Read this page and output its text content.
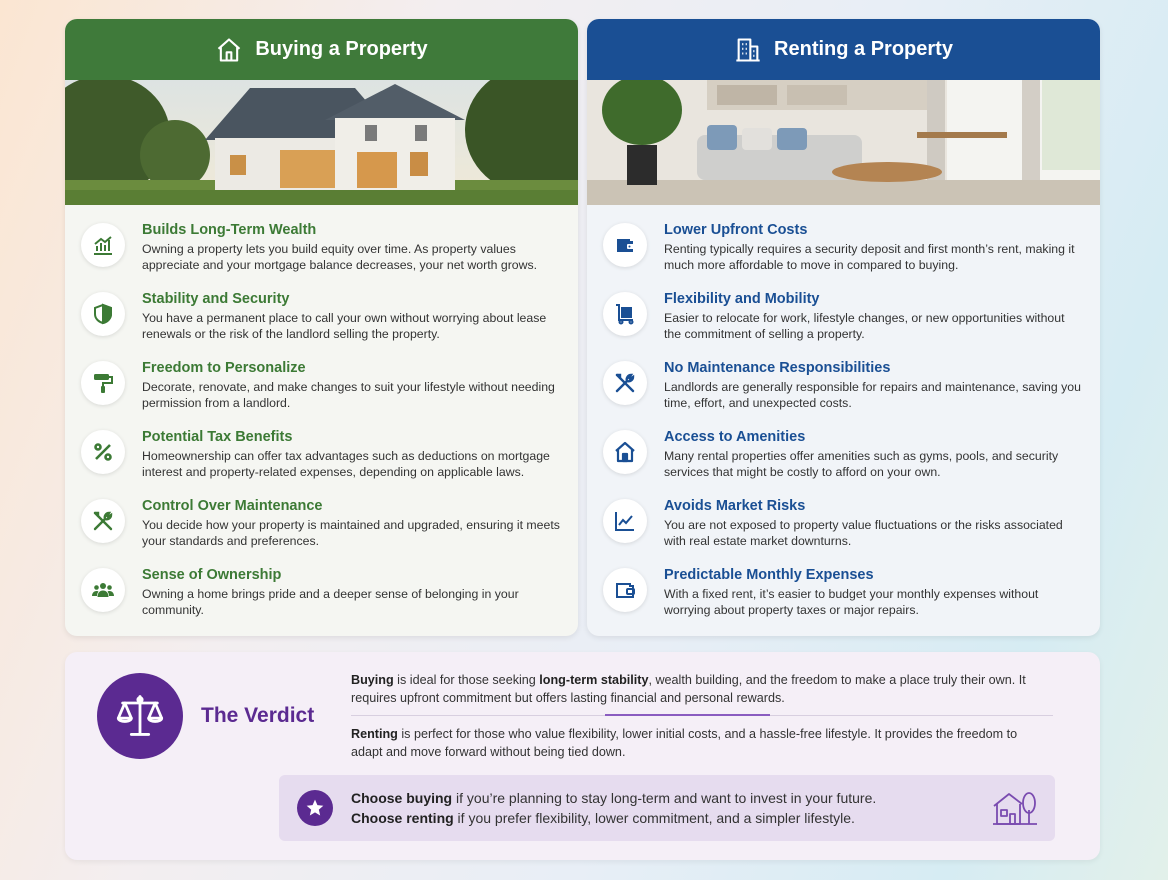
Buying a Property
Builds Long-Term Wealth
Owning a property lets you build equity over time. As property values appreciate and your mortgage balance decreases, your net worth grows.
Stability and Security
You have a permanent place to call your own without worrying about lease renewals or the risk of the landlord selling the property.
Freedom to Personalize
Decorate, renovate, and make changes to suit your lifestyle without needing permission from a landlord.
Potential Tax Benefits
Homeownership can offer tax advantages such as deductions on mortgage interest and property-related expenses, depending on applicable laws.
Control Over Maintenance
You decide how your property is maintained and upgraded, ensuring it meets your standards and preferences.
Sense of Ownership
Owning a home brings pride and a deeper sense of belonging in your community.
Renting a Property
Lower Upfront Costs
Renting typically requires a security deposit and first month’s rent, making it much more affordable to move in compared to buying.
Flexibility and Mobility
Easier to relocate for work, lifestyle changes, or new opportunities without the commitment of selling a property.
No Maintenance Responsibilities
Landlords are generally responsible for repairs and maintenance, saving you time, effort, and unexpected costs.
Access to Amenities
Many rental properties offer amenities such as gyms, pools, and security services that might be costly to afford on your own.
Avoids Market Risks
You are not exposed to property value fluctuations or the risks associated with real estate market downturns.
Predictable Monthly Expenses
With a fixed rent, it’s easier to budget your monthly expenses without worrying about property taxes or major repairs.
The Verdict
Buying is ideal for those seeking long-term stability, wealth building, and the freedom to make a place truly their own. It requires upfront commitment but offers lasting financial and personal rewards.
Renting is perfect for those who value flexibility, lower initial costs, and a hassle-free lifestyle. It provides the freedom to adapt and move forward without being tied down.
Choose buying if you’re planning to stay long-term and want to invest in your future.
Choose renting if you prefer flexibility, lower commitment, and a simpler lifestyle.
